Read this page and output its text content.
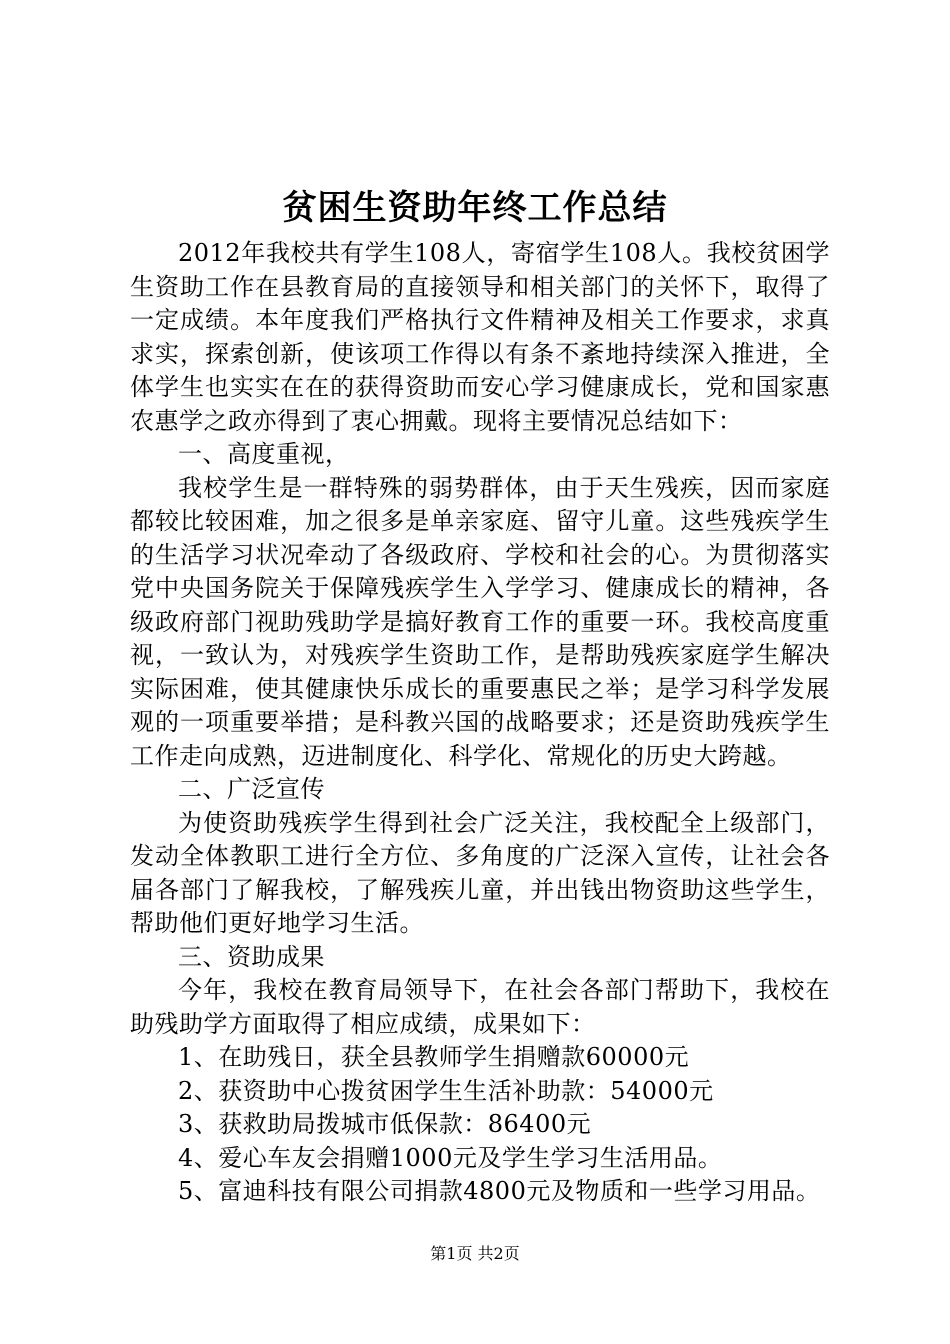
贫困生资助年终工作总结

2012年我校共有学生108人，寄宿学生108人。我校贫困学生资助工作在县教育局的直接领导和相关部门的关怀下，取得了一定成绩。本年度我们严格执行文件精神及相关工作要求，求真求实，探索创新，使该项工作得以有条不紊地持续深入推进，全体学生也实实在在的获得资助而安心学习健康成长，党和国家惠农惠学之政亦得到了衷心拥戴。现将主要情况总结如下：

一、高度重视，

我校学生是一群特殊的弱势群体，由于天生残疾，因而家庭都较比较困难，加之很多是单亲家庭、留守儿童。这些残疾学生的生活学习状况牵动了各级政府、学校和社会的心。为贯彻落实党中央国务院关于保障残疾学生入学学习、健康成长的精神，各级政府部门视助残助学是搞好教育工作的重要一环。我校高度重视，一致认为，对残疾学生资助工作，是帮助残疾家庭学生解决实际困难，使其健康快乐成长的重要惠民之举；是学习科学发展观的一项重要举措；是科教兴国的战略要求；还是资助残疾学生工作走向成熟，迈进制度化、科学化、常规化的历史大跨越。

二、广泛宣传

为使资助残疾学生得到社会广泛关注，我校配全上级部门，发动全体教职工进行全方位、多角度的广泛深入宣传，让社会各届各部门了解我校，了解残疾儿童，并出钱出物资助这些学生，帮助他们更好地学习生活。

三、资助成果

今年，我校在教育局领导下，在社会各部门帮助下，我校在助残助学方面取得了相应成绩，成果如下：

1、在助残日，获全县教师学生捐赠款60000元

2、获资助中心拨贫困学生生活补助款：54000元

3、获救助局拨城市低保款：86400元

4、爱心车友会捐赠1000元及学生学习生活用品。

5、富迪科技有限公司捐款4800元及物质和一些学习用品。

第1页 共2页
